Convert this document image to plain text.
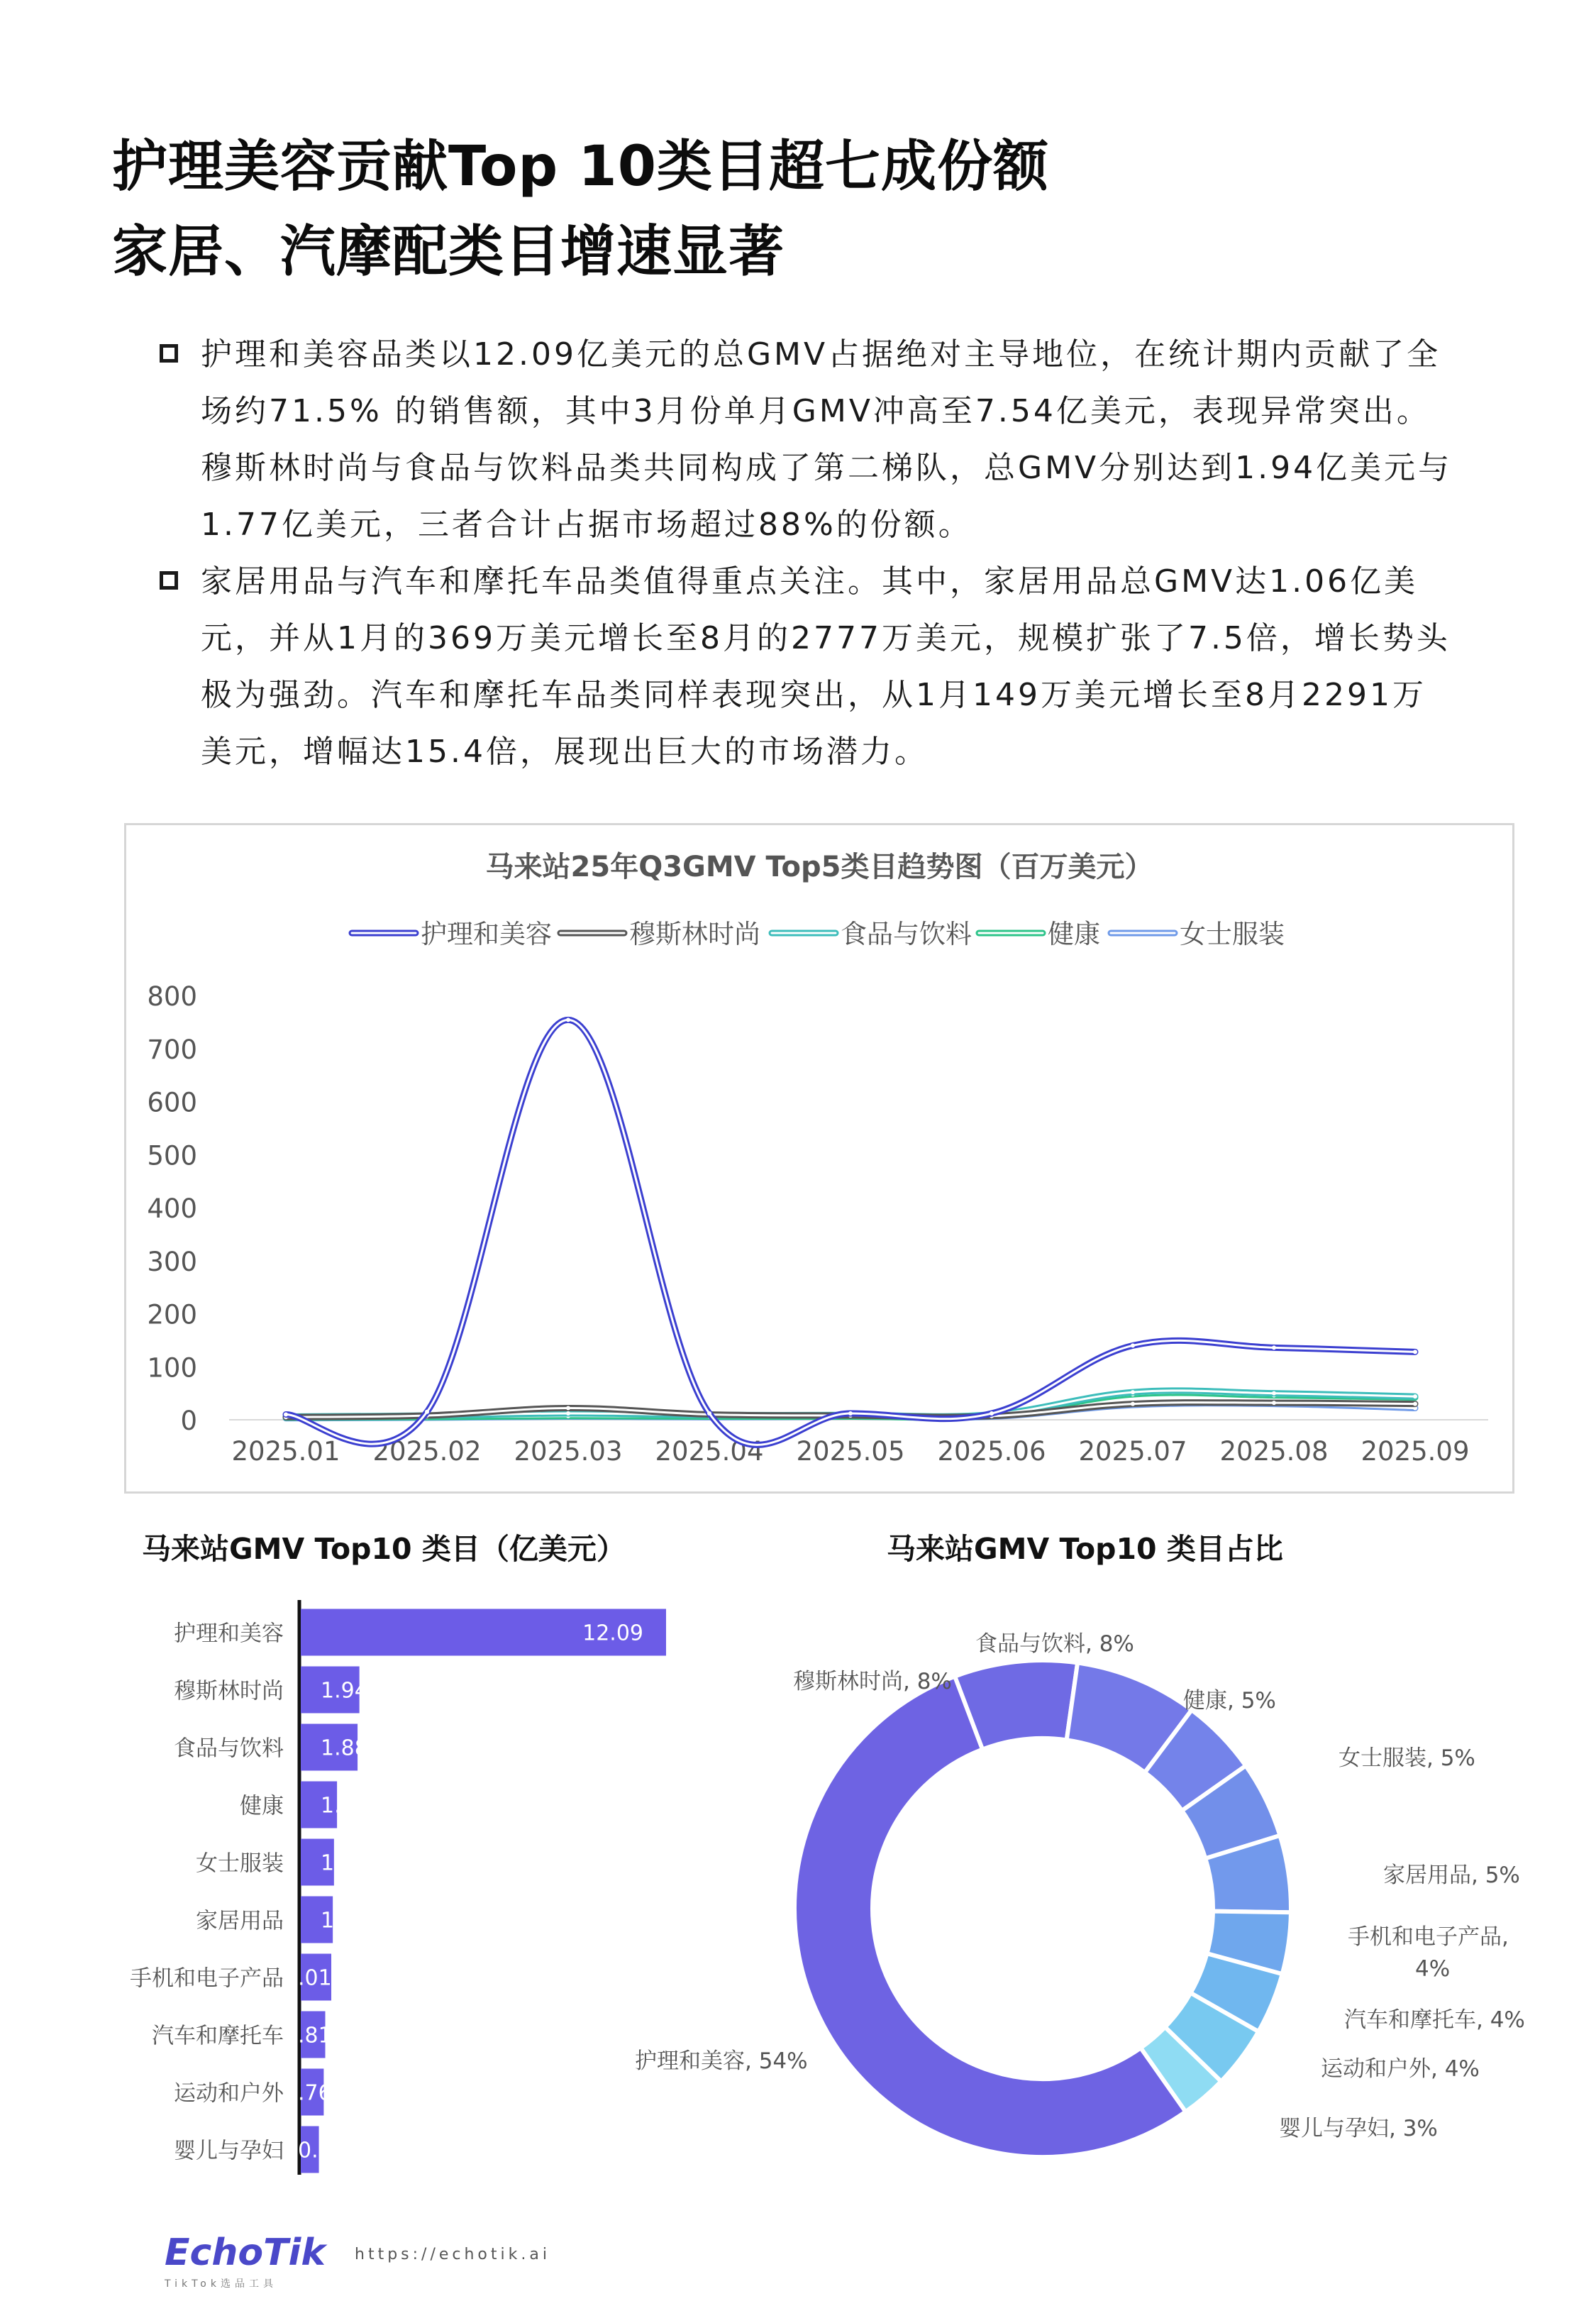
护理美容贡献Top 10类目超七成份额
家居、汽摩配类目增速显著

护理和美容品类以12.09亿美元的总GMV占据绝对主导地位，在统计期内贡献了全场约71.5% 的销售额，其中3月份单月GMV冲高至7.54亿美元，表现异常突出。穆斯林时尚与食品与饮料品类共同构成了第二梯队，总GMV分别达到1.94亿美元与1.77亿美元，三者合计占据市场超过88%的份额。

家居用品与汽车和摩托车品类值得重点关注。其中，家居用品总GMV达1.06亿美元，并从1月的369万美元增长至8月的2777万美元，规模扩张了7.5倍，增长势头极为强劲。汽车和摩托车品类同样表现突出，从1月149万美元增长至8月2291万美元，增幅达15.4倍，展现出巨大的市场潜力。

马来站25年Q3GMV Top5类目趋势图（百万美元）
护理和美容	穆斯林时尚	食品与饮料	健康	女士服装
0
100
200
300
400
500
600
700
800
2025.01 2025.02 2025.03 2025.04 2025.05 2025.06 2025.07 2025.08 2025.09
马来站GMV Top10 类目（亿美元）
护理和美容	12.09
穆斯林时尚 1.94
食品与饮料 1.88
健康 1.
女士服装 1.
家居用品 1
手机和电子产品 .01
汽车和摩托车 .81
运动和户外 .76
婴儿与孕妇 0.6
马来站GMV Top10 类目占比
护理和美容, 54%
穆斯林时尚, 8%
食品与饮料, 8%
健康, 5%
女士服装, 5%
家居用品, 5%
手机和电子产品,
汽车和摩托车, 4%
运动和户外, 4%
婴儿与孕妇, 3%
4%
EchoTik
TikTok选品工具
https://echotik.ai
